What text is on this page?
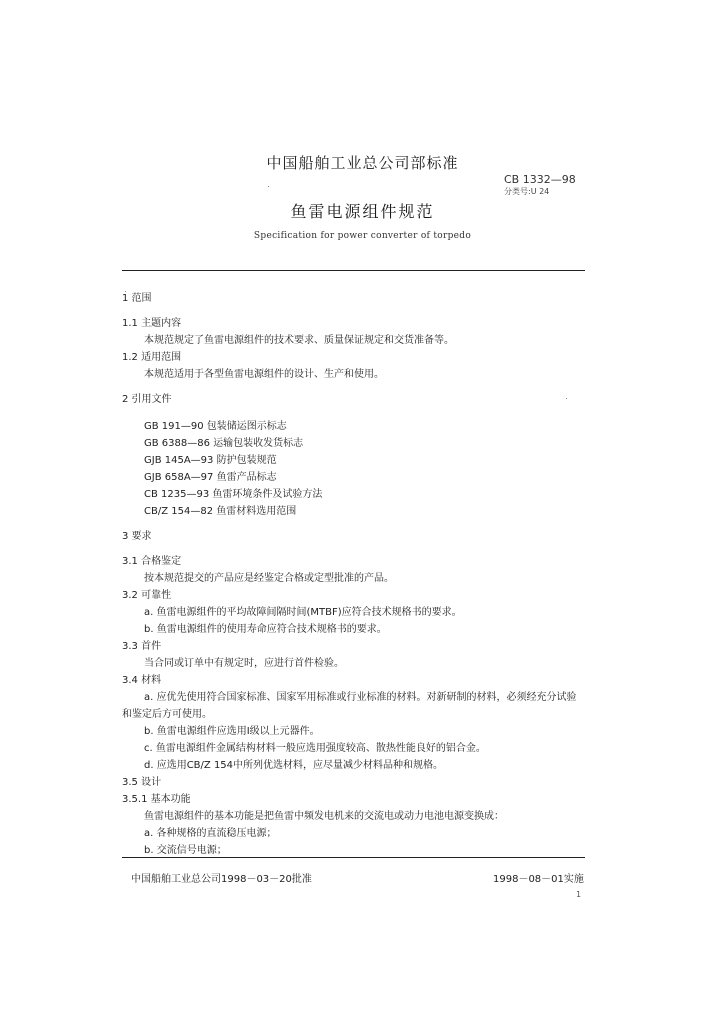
中国船舶工业总公司部标准
CB 1332—98
分类号:U 24
鱼雷电源组件规范
Specification for power converter of torpedo
1 范围
1.1 主题内容
本规范规定了鱼雷电源组件的技术要求、质量保证规定和交货准备等。
1.2 适用范围
本规范适用于各型鱼雷电源组件的设计、生产和使用。
2 引用文件
GB 191—90 包装储运图示标志
GB 6388—86 运输包装收发货标志
GJB 145A—93 防护包装规范
GJB 658A—97 鱼雷产品标志
CB 1235—93 鱼雷环境条件及试验方法
CB/Z 154—82 鱼雷材料选用范围
3 要求
3.1 合格鉴定
按本规范提交的产品应是经鉴定合格或定型批准的产品。
3.2 可靠性
a. 鱼雷电源组件的平均故障间隔时间(MTBF)应符合技术规格书的要求。
b. 鱼雷电源组件的使用寿命应符合技术规格书的要求。
3.3 首件
当合同或订单中有规定时，应进行首件检验。
3.4 材料
a. 应优先使用符合国家标准、国家军用标准或行业标准的材料。对新研制的材料，必须经充分试验
和鉴定后方可使用。
b. 鱼雷电源组件应选用Ⅰ级以上元器件。
c. 鱼雷电源组件金属结构材料一般应选用强度较高、散热性能良好的铝合金。
d. 应选用CB/Z 154中所列优选材料，应尽量减少材料品种和规格。
3.5 设计
3.5.1 基本功能
鱼雷电源组件的基本功能是把鱼雷中频发电机来的交流电或动力电池电源变换成：
a. 各种规格的直流稳压电源；
b. 交流信号电源；
中国船舶工业总公司1998－03－20批准	1998－08－01实施
1
